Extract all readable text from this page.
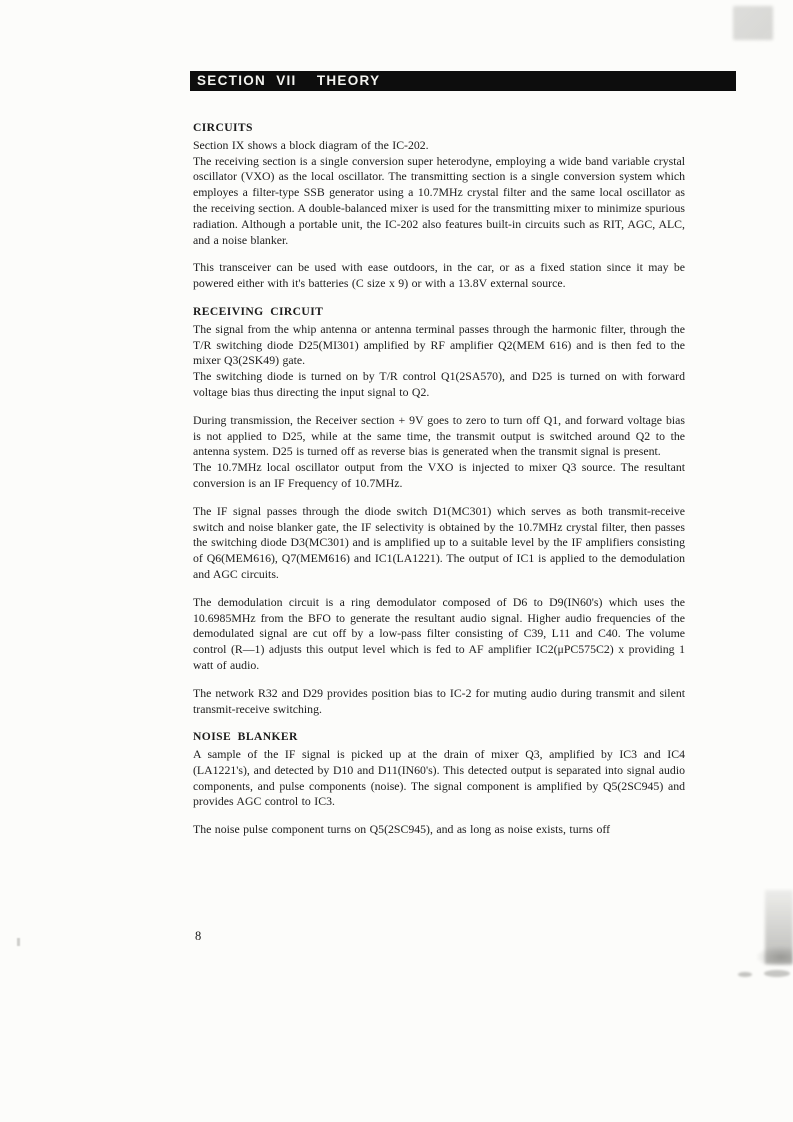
SECTION  VII    THEORY
CIRCUITS

Section IX shows a block diagram of the IC-202.

The receiving section is a single conversion super heterodyne, employing a wide band variable crystal oscillator (VXO) as the local oscillator. The transmitting section is a single conversion system which employes a filter-type SSB generator using a 10.7MHz crystal filter and the same local oscillator as the receiving section. A double-balanced mixer is used for the transmitting mixer to minimize spurious radiation. Although a portable unit, the IC-202 also features built-in circuits such as RIT, AGC, ALC, and a noise blanker.

This transceiver can be used with ease outdoors, in the car, or as a fixed station since it may be powered either with it's batteries (C size x 9) or with a 13.8V external source.

RECEIVING  CIRCUIT

The signal from the whip antenna or antenna terminal passes through the harmonic filter, through the T/R switching diode D25(MI301) amplified by RF amplifier Q2(MEM 616) and is then fed to the mixer Q3(2SK49) gate.

The switching diode is turned on by T/R control Q1(2SA570), and D25 is turned on with forward voltage bias thus directing the input signal to Q2.

During transmission, the Receiver section + 9V goes to zero to turn off Q1, and forward voltage bias is not applied to D25, while at the same time, the transmit output is switched around Q2 to the antenna system. D25 is turned off as reverse bias is generated when the transmit signal is present.

The 10.7MHz local oscillator output from the VXO is injected to mixer Q3 source. The resultant conversion is an IF Frequency of 10.7MHz.

The IF signal passes through the diode switch D1(MC301) which serves as both transmit-receive switch and noise blanker gate, the IF selectivity is obtained by the 10.7MHz crystal filter, then passes the switching diode D3(MC301) and is amplified up to a suitable level by the IF amplifiers consisting of Q6(MEM616), Q7(MEM616) and IC1(LA1221). The output of IC1 is applied to the demodulation and AGC circuits.

The demodulation circuit is a ring demodulator composed of D6 to D9(IN60's) which uses the 10.6985MHz from the BFO to generate the resultant audio signal. Higher audio frequencies of the demodulated signal are cut off by a low-pass filter consisting of C39, L11 and C40. The volume control (R—1) adjusts this output level which is fed to AF amplifier IC2(μPC575C2) x providing 1 watt of audio.

The network R32 and D29 provides position bias to IC-2 for muting audio during transmit and silent transmit-receive switching.

NOISE  BLANKER

A sample of the IF signal is picked up at the drain of mixer Q3, amplified by IC3 and IC4 (LA1221's), and detected by D10 and D11(IN60's). This detected output is separated into signal audio components, and pulse components (noise). The signal component is amplified by Q5(2SC945) and provides AGC control to IC3.

The noise pulse component turns on Q5(2SC945), and as long as noise exists, turns off

8
